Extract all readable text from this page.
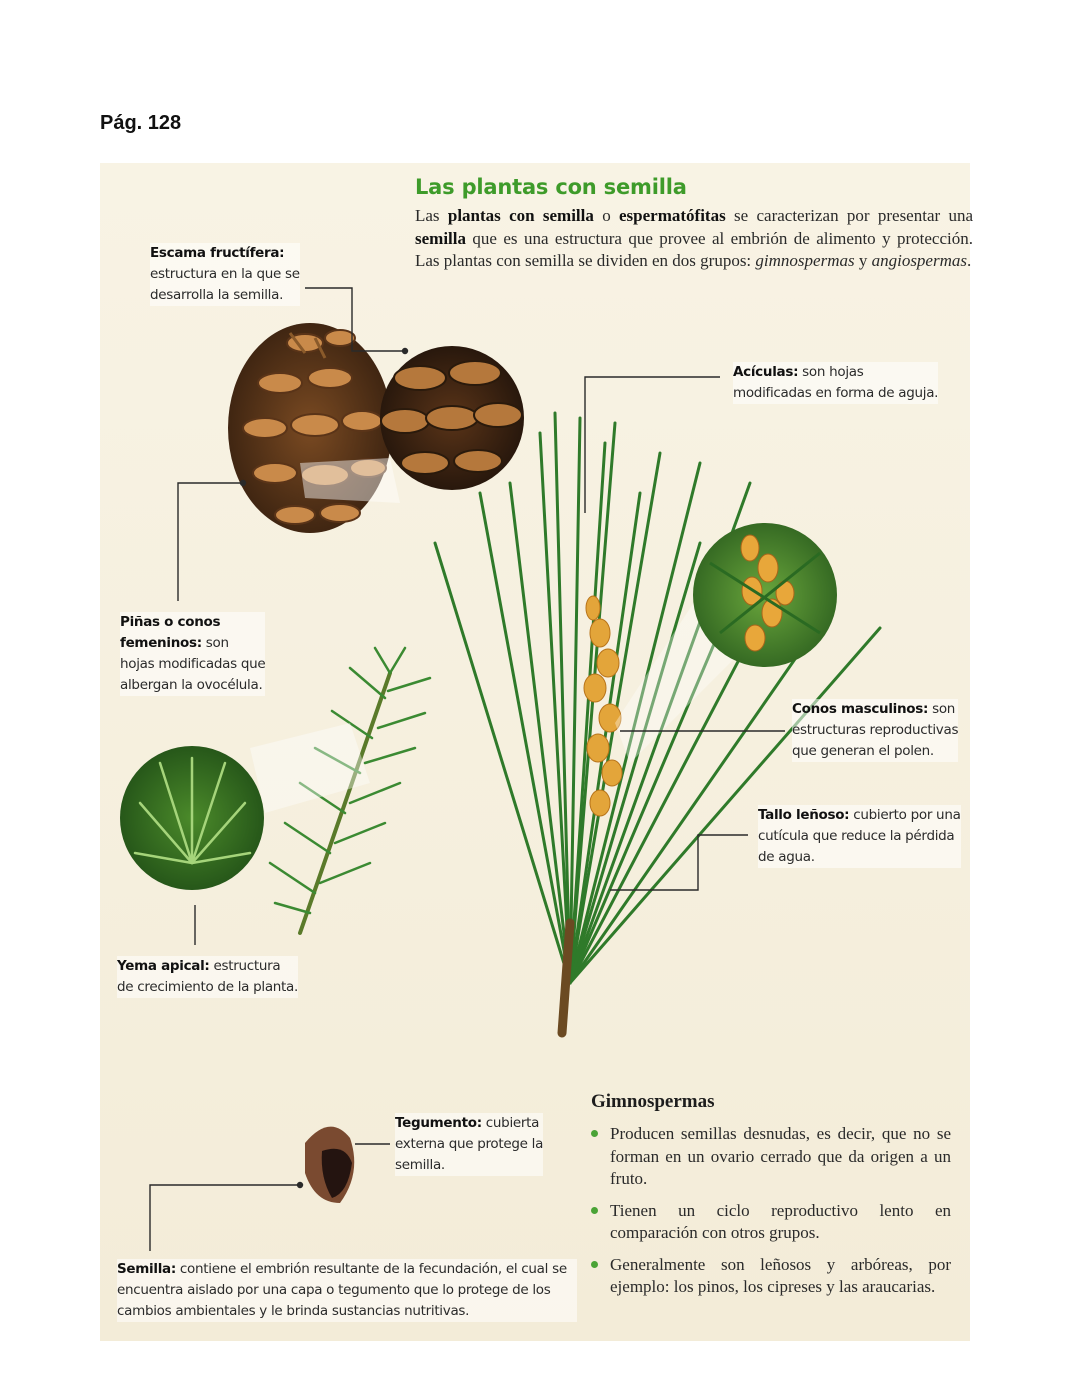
Pág. 128
Las plantas con semilla
Las plantas con semilla o espermatófitas se caracterizan por presentar una semilla que es una estructura que provee al embrión de alimento y protección. Las plantas con semilla se dividen en dos grupos: gimnospermas y angiospermas.
Escama fructífera:
estructura en la que se
desarrolla la semilla.
Piñas o conos
femeninos: son
hojas modificadas que
albergan la ovocélula.
Acículas: son hojas
modificadas en forma de aguja.
Conos masculinos: son
estructuras reproductivas
que generan el polen.
Tallo leñoso: cubierto por una
cutícula que reduce la pérdida
de agua.
Yema apical: estructura
de crecimiento de la planta.
Tegumento: cubierta
externa que protege la
semilla.
Semilla: contiene el embrión resultante de la fecundación, el cual se
encuentra aislado por una capa o tegumento que lo protege de los
cambios ambientales y le brinda sustancias nutritivas.
Gimnospermas
Producen semillas desnudas, es decir, que no se forman en un ovario cerrado que da origen a un fruto.
Tienen un ciclo reproductivo lento en comparación con otros grupos.
Generalmente son leñosos y arbóreas, por ejemplo: los pinos, los cipreses y las araucarias.
